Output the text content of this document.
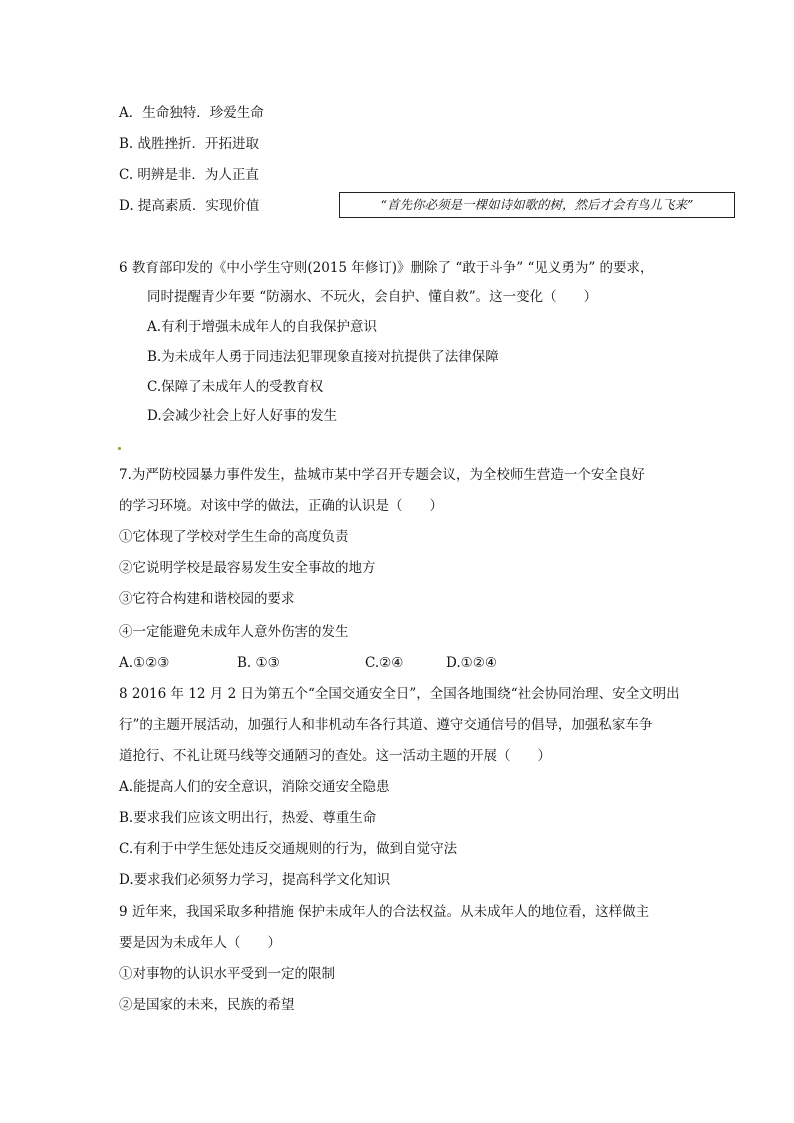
A．生命独特．珍爱生命
B. 战胜挫折．开拓进取
C. 明辨是非．为人正直
D. 提高素质．实现价值	“首先你必须是一棵如诗如歌的树，然后才会有鸟儿飞来”
6 教育部印发的《中小学生守则(2015 年修订)》删除了 “敢于斗争” “见义勇为” 的要求，
同时提醒青少年要 “防溺水、不玩火，会自护、懂自救”。这一变化（　　）
A.有利于增强未成年人的自我保护意识
B.为未成年人勇于同违法犯罪现象直接对抗提供了法律保障
C.保障了未成年人的受教育权
D.会减少社会上好人好事的发生
7.为严防校园暴力事件发生，盐城市某中学召开专题会议，为全校师生营造一个安全良好
的学习环境。对该中学的做法，正确的认识是（　　）
①它体现了学校对学生生命的高度负责
②它说明学校是最容易发生安全事故的地方
③它符合构建和谐校园的要求
④一定能避免未成年人意外伤害的发生
A.①②③	B. ①③	C.②④	D.①②④
8 2016 年 12 月 2 日为第五个“全国交通安全日”，全国各地围绕“社会协同治理、安全文明出
行”的主题开展活动，加强行人和非机动车各行其道、遵守交通信号的倡导，加强私家车争
道抢行、不礼让斑马线等交通陋习的查处。这一活动主题的开展（　　）
A.能提高人们的安全意识，消除交通安全隐患
B.要求我们应该文明出行，热爱、尊重生命
C.有利于中学生惩处违反交通规则的行为，做到自觉守法
D.要求我们必须努力学习，提高科学文化知识
9 近年来，我国采取多种措施 保护未成年人的合法权益。从未成年人的地位看，这样做主
要是因为未成年人（　　）
①对事物的认识水平受到一定的限制
②是国家的未来，民族的希望
